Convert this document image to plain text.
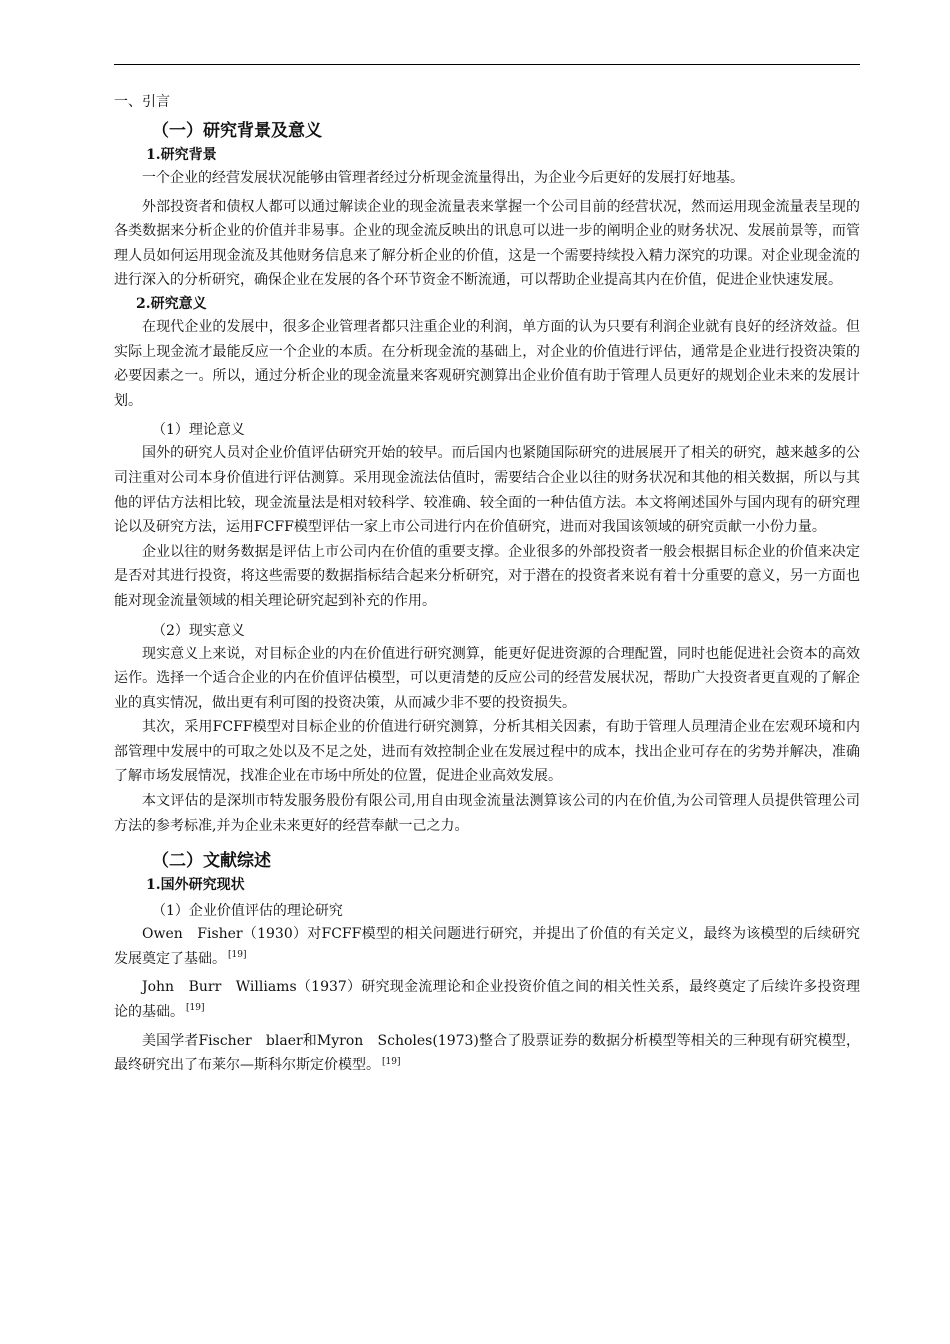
一、引言
（一）研究背景及意义
1.研究背景

一个企业的经营发展状况能够由管理者经过分析现金流量得出，为企业今后更好的发展打好地基。

外部投资者和债权人都可以通过解读企业的现金流量表来掌握一个公司目前的经营状况，然而运用现金流量表呈现的各类数据来分析企业的价值并非易事。企业的现金流反映出的讯息可以进一步的阐明企业的财务状况、发展前景等，而管理人员如何运用现金流及其他财务信息来了解分析企业的价值，这是一个需要持续投入精力深究的功课。对企业现金流的进行深入的分析研究，确保企业在发展的各个环节资金不断流通，可以帮助企业提高其内在价值，促进企业快速发展。

2.研究意义

在现代企业的发展中，很多企业管理者都只注重企业的利润，单方面的认为只要有利润企业就有良好的经济效益。但实际上现金流才最能反应一个企业的本质。在分析现金流的基础上，对企业的价值进行评估，通常是企业进行投资决策的必要因素之一。所以，通过分析企业的现金流量来客观研究测算出企业价值有助于管理人员更好的规划企业未来的发展计划。

（1）理论意义

国外的研究人员对企业价值评估研究开始的较早。而后国内也紧随国际研究的进展展开了相关的研究，越来越多的公司注重对公司本身价值进行评估测算。采用现金流法估值时，需要结合企业以往的财务状况和其他的相关数据，所以与其他的评估方法相比较，现金流量法是相对较科学、较准确、较全面的一种估值方法。本文将阐述国外与国内现有的研究理论以及研究方法，运用FCFF模型评估一家上市公司进行内在价值研究，进而对我国该领域的研究贡献一小份力量。

企业以往的财务数据是评估上市公司内在价值的重要支撑。企业很多的外部投资者一般会根据目标企业的价值来决定是否对其进行投资，将这些需要的数据指标结合起来分析研究，对于潜在的投资者来说有着十分重要的意义，另一方面也能对现金流量领域的相关理论研究起到补充的作用。

（2）现实意义

现实意义上来说，对目标企业的内在价值进行研究测算，能更好促进资源的合理配置，同时也能促进社会资本的高效运作。选择一个适合企业的内在价值评估模型，可以更清楚的反应公司的经营发展状况，帮助广大投资者更直观的了解企业的真实情况，做出更有利可图的投资决策，从而减少非不要的投资损失。

其次，采用FCFF模型对目标企业的价值进行研究测算，分析其相关因素，有助于管理人员理清企业在宏观环境和内部管理中发展中的可取之处以及不足之处，进而有效控制企业在发展过程中的成本，找出企业可存在的劣势并解决，准确了解市场发展情况，找准企业在市场中所处的位置，促进企业高效发展。

本文评估的是深圳市特发服务股份有限公司,用自由现金流量法测算该公司的内在价值,为公司管理人员提供管理公司方法的参考标准,并为企业未来更好的经营奉献一己之力。

（二）文献综述
1.国外研究现状
（1）企业价值评估的理论研究

Owen　Fisher（1930）对FCFF模型的相关问题进行研究，并提出了价值的有关定义，最终为该模型的后续研究发展奠定了基础。 [19]

John　Burr　Williams（1937）研究现金流理论和企业投资价值之间的相关性关系，最终奠定了后续许多投资理论的基础。 [19]

美国学者Fischer　blaer和Myron　Scholes(1973)整合了股票证券的数据分析模型等相关的三种现有研究模型，最终研究出了布莱尔—斯科尔斯定价模型。 [19]
